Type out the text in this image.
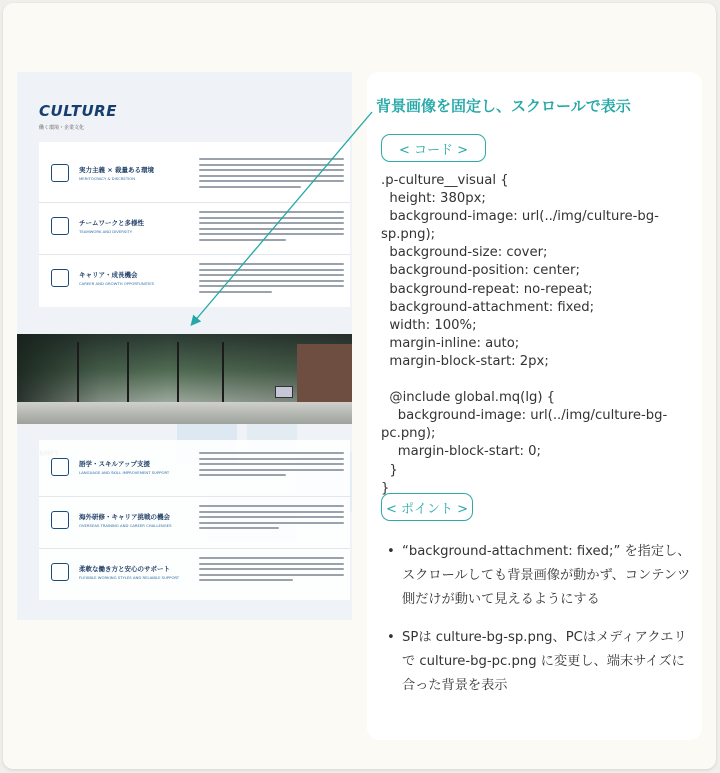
CULTURE
働く環境・企業文化
実力主義 × 裁量ある環境
MERITOCRACY & DISCRETION
チームワークと多様性
TEAMWORK AND DIVERSITY
キャリア・成長機会
CAREER AND GROWTH OPPORTUNITIES
語学・スキルアップ支援
LANGUAGE AND SKILL IMPROVEMENT SUPPORT
海外研修・キャリア挑戦の機会
OVERSEAS TRAINING AND CAREER CHALLENGES
柔軟な働き方と安心のサポート
FLEXIBLE WORKING STYLES AND RELIABLE SUPPORT
背景画像を固定し、スクロールで表示
< コード >
.p-culture__visual {
height: 380px;
background-image: url(../img/culture-bg-
sp.png);
background-size: cover;
background-position: center;
background-repeat: no-repeat;
background-attachment: fixed;
width: 100%;
margin-inline: auto;
margin-block-start: 2px;

@include global.mq(lg) {
background-image: url(../img/culture-bg-
pc.png);
margin-block-start: 0;
}
}
< ポイント >
• “background-attachment: fixed;” を指定し、スクロールしても背景画像が動かず、コンテンツ側だけが動いて見えるようにする
• SPは culture-bg-sp.png、PCはメディアクエリで culture-bg-pc.png に変更し、端末サイズに合った背景を表示
